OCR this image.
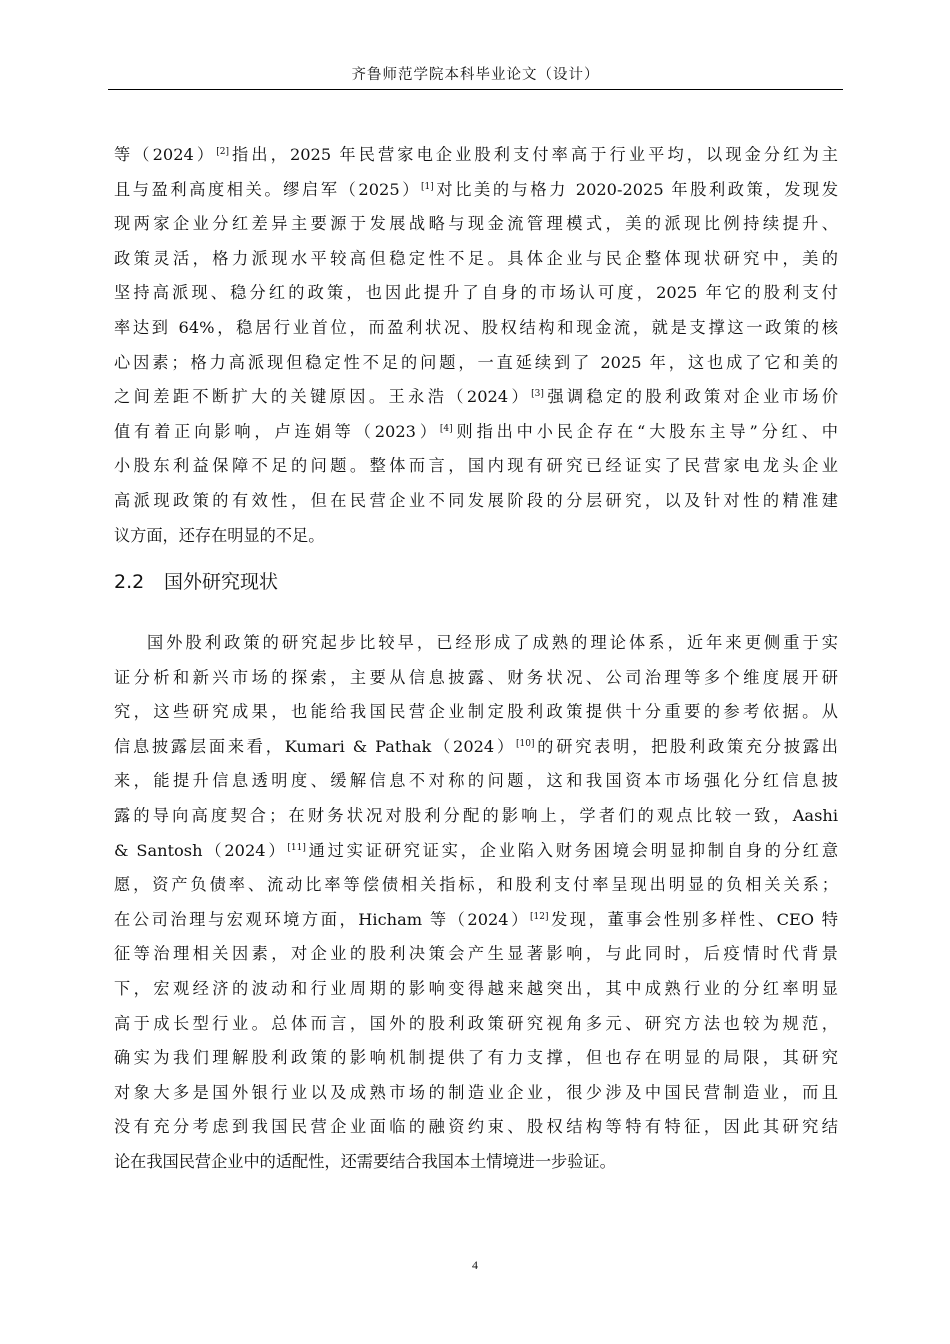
齐鲁师范学院本科毕业论文（设计）
等（2024）[2]指出，2025 年民营家电企业股利支付率高于行业平均，以现金分红为主
且与盈利高度相关。缪启军（2025）[1]对比美的与格力 2020-2025 年股利政策，发现发
现两家企业分红差异主要源于发展战略与现金流管理模式，美的派现比例持续提升、
政策灵活，格力派现水平较高但稳定性不足。具体企业与民企整体现状研究中，美的
坚持高派现、稳分红的政策，也因此提升了自身的市场认可度，2025 年它的股利支付
率达到 64%，稳居行业首位，而盈利状况、股权结构和现金流，就是支撑这一政策的核
心因素；格力高派现但稳定性不足的问题，一直延续到了 2025 年，这也成了它和美的
之间差距不断扩大的关键原因。王永浩（2024）[3]强调稳定的股利政策对企业市场价
值有着正向影响，卢连娟等（2023）[4]则指出中小民企存在“大股东主导”分红、中
小股东利益保障不足的问题。整体而言，国内现有研究已经证实了民营家电龙头企业
高派现政策的有效性，但在民营企业不同发展阶段的分层研究，以及针对性的精准建
议方面，还存在明显的不足。
2.2 国外研究现状
国外股利政策的研究起步比较早，已经形成了成熟的理论体系，近年来更侧重于实
证分析和新兴市场的探索，主要从信息披露、财务状况、公司治理等多个维度展开研
究，这些研究成果，也能给我国民营企业制定股利政策提供十分重要的参考依据。从
信息披露层面来看，Kumari & Pathak（2024）[10]的研究表明，把股利政策充分披露出
来，能提升信息透明度、缓解信息不对称的问题，这和我国资本市场强化分红信息披
露的导向高度契合；在财务状况对股利分配的影响上，学者们的观点比较一致，Aashi
& Santosh（2024）[11]通过实证研究证实，企业陷入财务困境会明显抑制自身的分红意
愿，资产负债率、流动比率等偿债相关指标，和股利支付率呈现出明显的负相关关系；
在公司治理与宏观环境方面，Hicham 等（2024）[12]发现，董事会性别多样性、CEO 特
征等治理相关因素，对企业的股利决策会产生显著影响，与此同时，后疫情时代背景
下，宏观经济的波动和行业周期的影响变得越来越突出，其中成熟行业的分红率明显
高于成长型行业。总体而言，国外的股利政策研究视角多元、研究方法也较为规范，
确实为我们理解股利政策的影响机制提供了有力支撑，但也存在明显的局限，其研究
对象大多是国外银行业以及成熟市场的制造业企业，很少涉及中国民营制造业，而且
没有充分考虑到我国民营企业面临的融资约束、股权结构等特有特征，因此其研究结
论在我国民营企业中的适配性，还需要结合我国本土情境进一步验证。
4
